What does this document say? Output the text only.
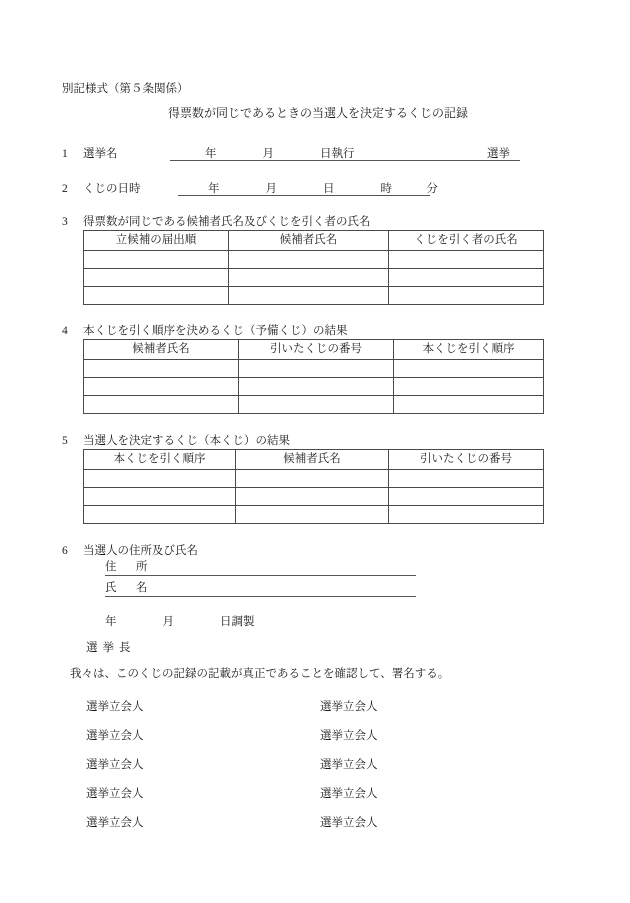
別記様式（第５条関係）
得票数が同じであるときの当選人を決定するくじの記録
1 選挙名	年　　　　月　　　　日執行	選挙
2 くじの日時	年　　　　月　　　　日　　　　時　　　分
3 得票数が同じである候補者氏名及びくじを引く者の氏名
立候補の届出順	候補者氏名	くじを引く者の氏名

4 本くじを引く順序を決めるくじ（予備くじ）の結果
候補者氏名	引いたくじの番号	本くじを引く順序

5 当選人を決定するくじ（本くじ）の結果
本くじを引く順序	候補者氏名	引いたくじの番号

6 当選人の住所及び氏名
住　所
氏　名
年　　　　月　　　　日調製
選挙長
我々は、このくじの記録の記載が真正であることを確認して、署名する。
選挙立会人	選挙立会人
選挙立会人	選挙立会人
選挙立会人	選挙立会人
選挙立会人	選挙立会人
選挙立会人	選挙立会人
